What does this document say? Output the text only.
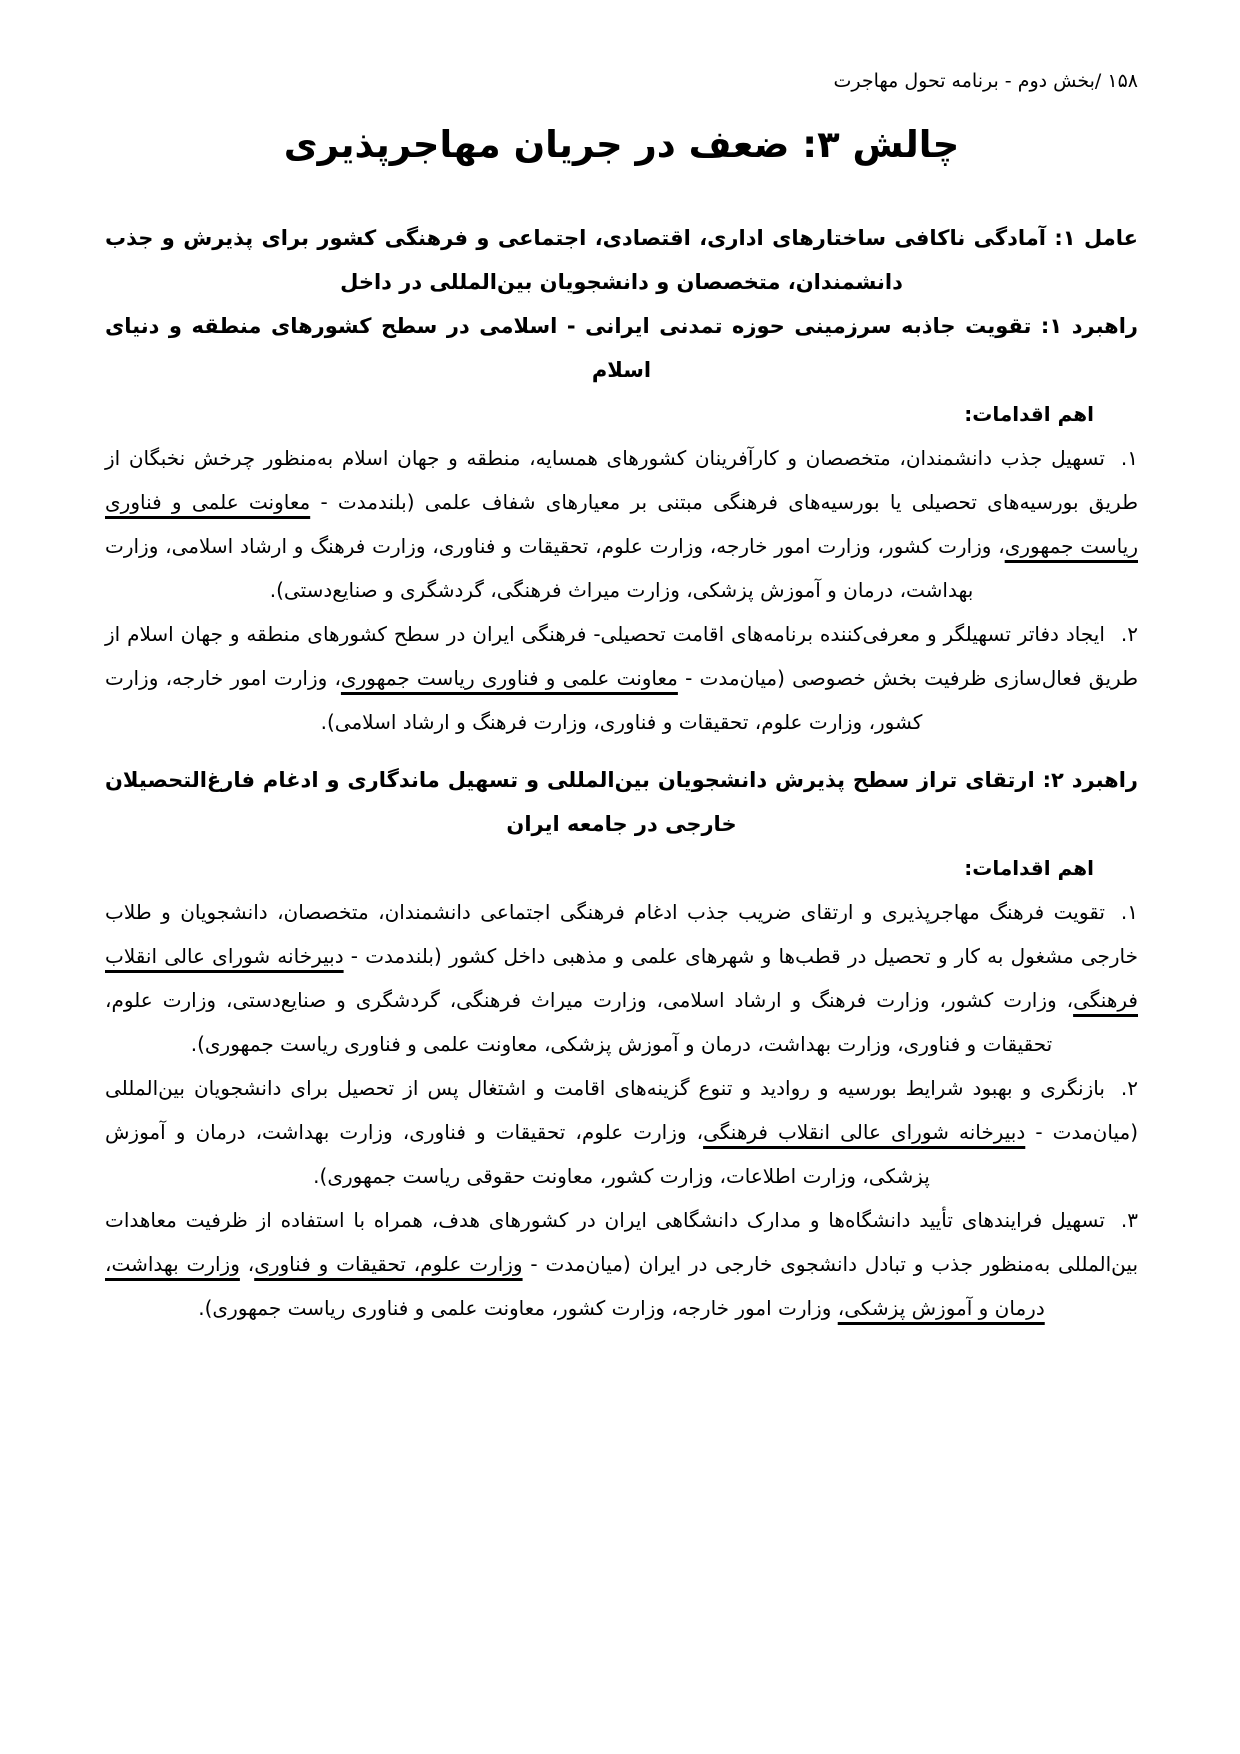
۱۵۸ /بخش دوم - برنامه تحول مهاجرت
چالش ۳: ضعف در جریان مهاجرپذیری

عامل ۱: آمادگی ناکافی ساختارهای اداری، اقتصادی، اجتماعی و فرهنگی کشور برای پذیرش و جذب دانشمندان، متخصصان و دانشجویان بین‌المللی در داخل

راهبرد ۱: تقویت جاذبه سرزمینی حوزه تمدنی ایرانی - اسلامی در سطح کشورهای منطقه و دنیای اسلام

اهم اقدامات:

۱.تسهیل جذب دانشمندان، متخصصان و کارآفرینان کشورهای همسایه، منطقه و جهان اسلام به‌منظور چرخش نخبگان از طریق بورسیه‌های تحصیلی یا بورسیه‌های فرهنگی مبتنی بر معیارهای شفاف علمی (بلندمدت - معاونت علمی و فناوری ریاست جمهوری، وزارت کشور، وزارت امور خارجه، وزارت علوم، تحقیقات و فناوری، وزارت فرهنگ و ارشاد اسلامی، وزارت بهداشت، درمان و آموزش پزشکی، وزارت میراث فرهنگی، گردشگری و صنایع‌دستی).

۲.ایجاد دفاتر تسهیلگر و معرفی‌کننده برنامه‌های اقامت تحصیلی- فرهنگی ایران در سطح کشورهای منطقه و جهان اسلام از طریق فعال‌سازی ظرفیت بخش خصوصی (میان‌مدت - معاونت علمی و فناوری ریاست جمهوری، وزارت امور خارجه، وزارت کشور، وزارت علوم، تحقیقات و فناوری، وزارت فرهنگ و ارشاد اسلامی).

راهبرد ۲: ارتقای تراز سطح پذیرش دانشجویان بین‌المللی و تسهیل ماندگاری و ادغام فارغ‌التحصیلان خارجی در جامعه ایران

اهم اقدامات:

۱.تقویت فرهنگ مهاجرپذیری و ارتقای ضریب جذب ادغام فرهنگی اجتماعی دانشمندان، متخصصان، دانشجویان و طلاب خارجی مشغول به کار و تحصیل در قطب‌ها و شهرهای علمی و مذهبی داخل کشور (بلندمدت - دبیرخانه شورای عالی انقلاب فرهنگی، وزارت کشور، وزارت فرهنگ و ارشاد اسلامی، وزارت میراث فرهنگی، گردشگری و صنایع‌دستی، وزارت علوم، تحقیقات و فناوری، وزارت بهداشت، درمان و آموزش پزشکی، معاونت علمی و فناوری ریاست جمهوری).

۲.بازنگری و بهبود شرایط بورسیه و روادید و تنوع گزینه‌های اقامت و اشتغال پس از تحصیل برای دانشجویان بین‌المللی (میان‌مدت - دبیرخانه شورای عالی انقلاب فرهنگی، وزارت علوم، تحقیقات و فناوری، وزارت بهداشت، درمان و آموزش پزشکی، وزارت اطلاعات، وزارت کشور، معاونت حقوقی ریاست جمهوری).

۳.تسهیل فرایندهای تأیید دانشگاه‌ها و مدارک دانشگاهی ایران در کشورهای هدف، همراه با استفاده از ظرفیت معاهدات بین‌المللی به‌منظور جذب و تبادل دانشجوی خارجی در ایران (میان‌مدت - وزارت علوم، تحقیقات و فناوری، وزارت بهداشت، درمان و آموزش پزشکی، وزارت امور خارجه، وزارت کشور، معاونت علمی و فناوری ریاست جمهوری).
